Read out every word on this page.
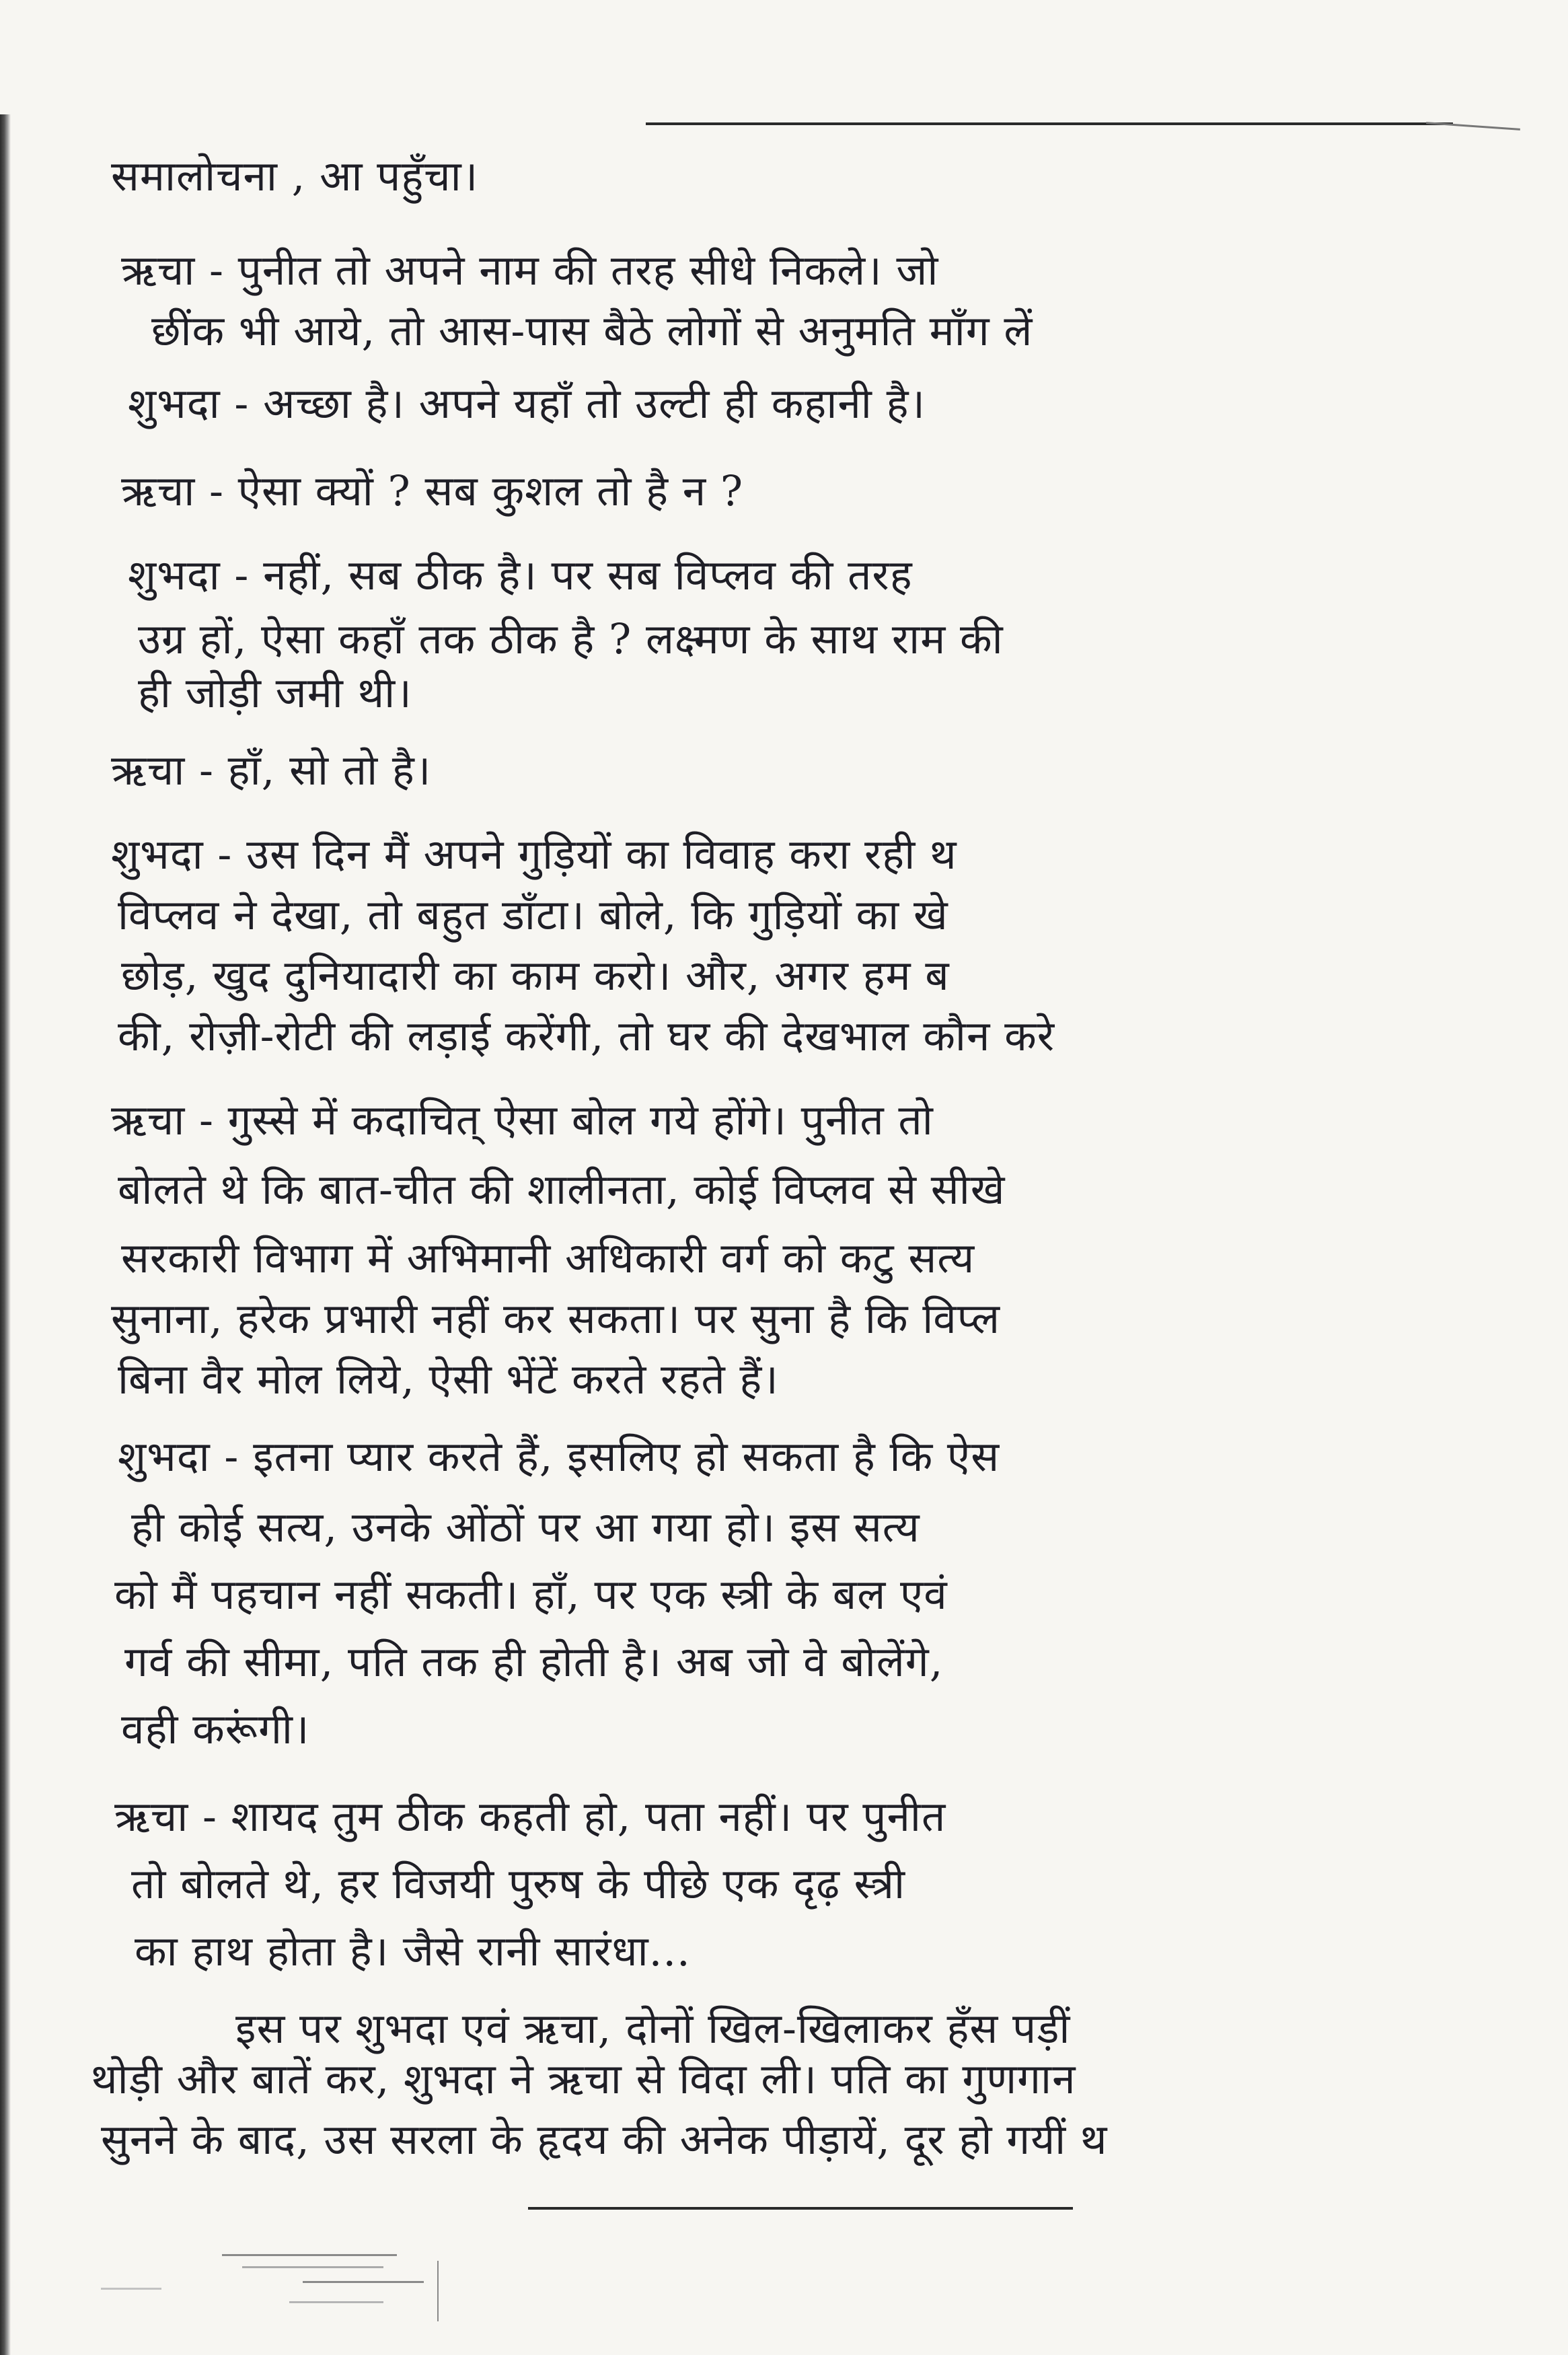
समालोचना , आ पहुँचा।
ऋचा - पुनीत तो अपने नाम की तरह सीधे निकले। जो
छींक भी आये, तो आस-पास बैठे लोगों से अनुमति माँग लें
शुभदा - अच्छा है। अपने यहाँ तो उल्टी ही कहानी है।
ऋचा - ऐसा क्यों ? सब कुशल तो है न ?
शुभदा - नहीं, सब ठीक है। पर सब विप्लव की तरह
उग्र हों, ऐसा कहाँ तक ठीक है ? लक्ष्मण के साथ राम की
ही जोड़ी जमी थी।
ऋचा - हाँ, सो तो है।
शुभदा - उस दिन मैं अपने गुड़ियों का विवाह करा रही थ
विप्लव ने देखा, तो बहुत डाँटा। बोले, कि गुड़ियों का खे
छोड़, खुद दुनियादारी का काम करो। और, अगर हम ब
की, रोज़ी-रोटी की लड़ाई करेंगी, तो घर की देखभाल कौन करे
ऋचा - गुस्से में कदाचित् ऐसा बोल गये होंगे। पुनीत तो
बोलते थे कि बात-चीत की शालीनता, कोई विप्लव से सीखे
सरकारी विभाग में अभिमानी अधिकारी वर्ग को कटु सत्य
सुनाना, हरेक प्रभारी नहीं कर सकता। पर सुना है कि विप्ल
बिना वैर मोल लिये, ऐसी भेंटें करते रहते हैं।
शुभदा - इतना प्यार करते हैं, इसलिए हो सकता है कि ऐस
ही कोई सत्य, उनके ओंठों पर आ गया हो। इस सत्य
को मैं पहचान नहीं सकती। हाँ, पर एक स्त्री के बल एवं
गर्व की सीमा, पति तक ही होती है। अब जो वे बोलेंगे,
वही करूंगी।
ऋचा - शायद तुम ठीक कहती हो, पता नहीं। पर पुनीत
तो बोलते थे, हर विजयी पुरुष के पीछे एक दृढ़ स्त्री
का हाथ होता है। जैसे रानी सारंधा...
इस पर शुभदा एवं ऋचा, दोनों खिल-खिलाकर हँस पड़ीं
थोड़ी और बातें कर, शुभदा ने ऋचा से विदा ली। पति का गुणगान
सुनने के बाद, उस सरला के हृदय की अनेक पीड़ायें, दूर हो गयीं थ
